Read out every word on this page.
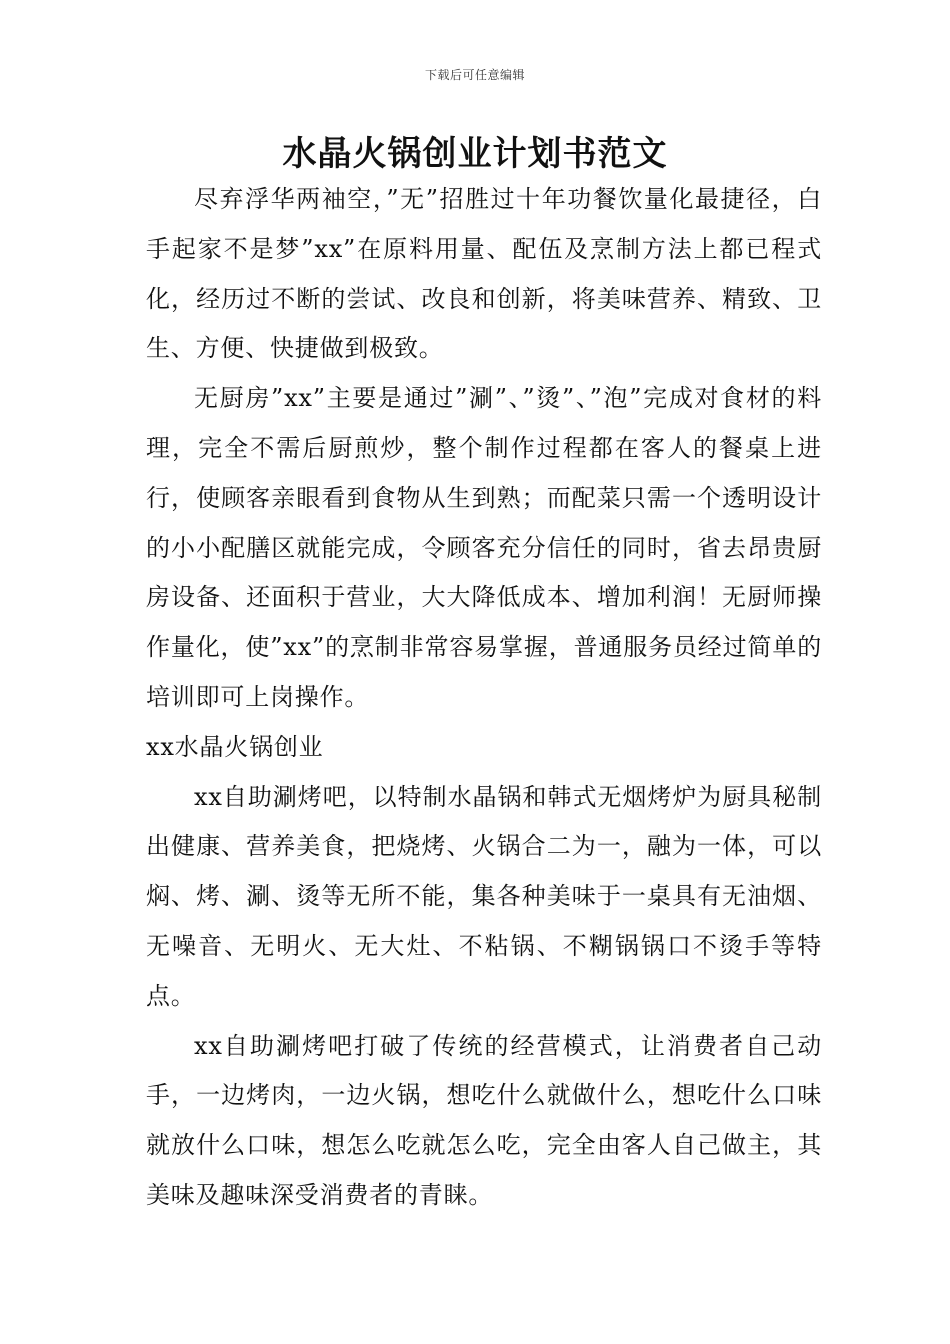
下载后可任意编辑
水晶火锅创业计划书范文

尽弃浮华两袖空，”无”招胜过十年功餐饮量化最捷径，白手起家不是梦”xx”在原料用量、配伍及烹制方法上都已程式化，经历过不断的尝试、改良和创新，将美味营养、精致、卫生、方便、快捷做到极致。

无厨房”xx”主要是通过”涮”、”烫”、”泡”完成对食材的料理，完全不需后厨煎炒，整个制作过程都在客人的餐桌上进行，使顾客亲眼看到食物从生到熟；而配菜只需一个透明设计的小小配膳区就能完成，令顾客充分信任的同时，省去昂贵厨房设备、还面积于营业，大大降低成本、增加利润！无厨师操作量化，使”xx”的烹制非常容易掌握，普通服务员经过简单的培训即可上岗操作。

xx水晶火锅创业

xx自助涮烤吧，以特制水晶锅和韩式无烟烤炉为厨具秘制出健康、营养美食，把烧烤、火锅合二为一，融为一体，可以焖、烤、涮、烫等无所不能，集各种美味于一桌具有无油烟、无噪音、无明火、无大灶、不粘锅、不糊锅锅口不烫手等特点。

xx自助涮烤吧打破了传统的经营模式，让消费者自己动手，一边烤肉，一边火锅，想吃什么就做什么，想吃什么口味就放什么口味，想怎么吃就怎么吃，完全由客人自己做主，其美味及趣味深受消费者的青睐。
